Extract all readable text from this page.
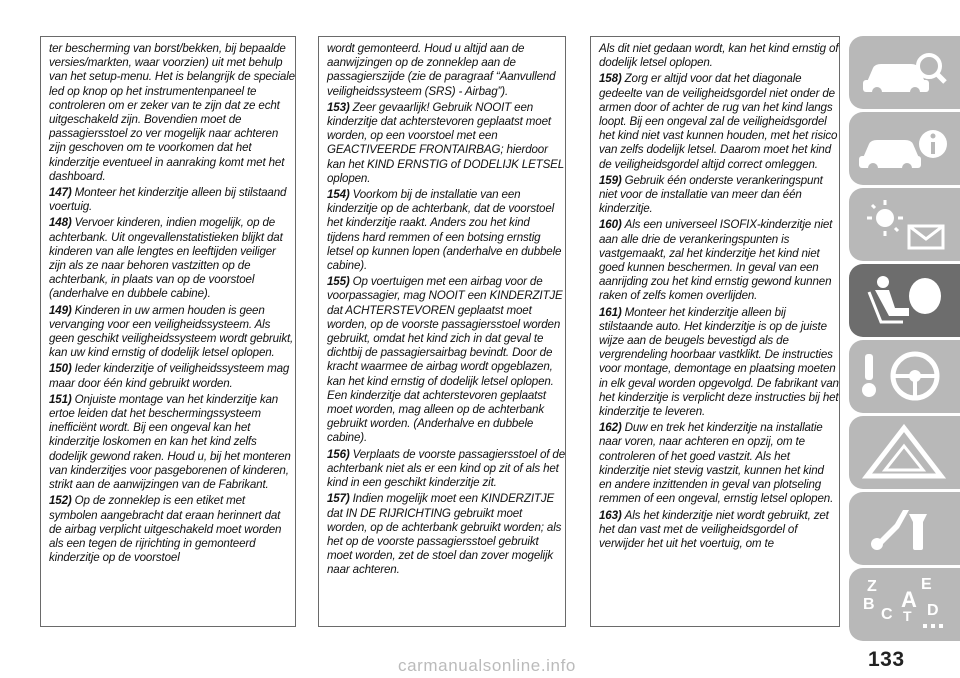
ter bescherming van borst/bekken, bij bepaalde versies/markten, waar voorzien) uit met behulp van het setup-menu. Het is belangrijk de speciale led op knop op het instrumentenpaneel te controleren om er zeker van te zijn dat ze echt uitgeschakeld zijn. Bovendien moet de passagiersstoel zo ver mogelijk naar achteren zijn geschoven om te voorkomen dat het kinderzitje eventueel in aanraking komt met het dashboard.
147) Monteer het kinderzitje alleen bij stilstaand voertuig.
148) Vervoer kinderen, indien mogelijk, op de achterbank. Uit ongevallenstatistieken blijkt dat kinderen van alle lengtes en leeftijden veiliger zijn als ze naar behoren vastzitten op de achterbank, in plaats van op de voorstoel (anderhalve en dubbele cabine).
149) Kinderen in uw armen houden is geen vervanging voor een veiligheidssysteem. Als geen geschikt veiligheidssysteem wordt gebruikt, kan uw kind ernstig of dodelijk letsel oplopen.
150) Ieder kinderzitje of veiligheidssysteem mag maar door één kind gebruikt worden.
151) Onjuiste montage van het kinderzitje kan ertoe leiden dat het beschermingssysteem inefficiënt wordt. Bij een ongeval kan het kinderzitje loskomen en kan het kind zelfs dodelijk gewond raken. Houd u, bij het monteren van kinderzitjes voor pasgeborenen of kinderen, strikt aan de aanwijzingen van de Fabrikant.
152) Op de zonneklep is een etiket met symbolen aangebracht dat eraan herinnert dat de airbag verplicht uitgeschakeld moet worden als een tegen de rijrichting in gemonteerd kinderzitje op de voorstoel
wordt gemonteerd. Houd u altijd aan de aanwijzingen op de zonneklep aan de passagierszijde (zie de paragraaf “Aanvullend veiligheidssysteem (SRS) - Airbag”).
153) Zeer gevaarlijk! Gebruik NOOIT een kinderzitje dat achterstevoren geplaatst moet worden, op een voorstoel met een GEACTIVEERDE FRONTAIRBAG; hierdoor kan het KIND ERNSTIG of DODELIJK LETSEL oplopen.
154) Voorkom bij de installatie van een kinderzitje op de achterbank, dat de voorstoel het kinderzitje raakt. Anders zou het kind tijdens hard remmen of een botsing ernstig letsel op kunnen lopen (anderhalve en dubbele cabine).
155) Op voertuigen met een airbag voor de voorpassagier, mag NOOIT een KINDERZITJE dat ACHTERSTEVOREN geplaatst moet worden, op de voorste passagiersstoel worden gebruikt, omdat het kind zich in dat geval te dichtbij de passagiersairbag bevindt. Door de kracht waarmee de airbag wordt opgeblazen, kan het kind ernstig of dodelijk letsel oplopen. Een kinderzitje dat achterstevoren geplaatst moet worden, mag alleen op de achterbank gebruikt worden. (Anderhalve en dubbele cabine).
156) Verplaats de voorste passagiersstoel of de achterbank niet als er een kind op zit of als het kind in een geschikt kinderzitje zit.
157) Indien mogelijk moet een KINDERZITJE dat IN DE RIJRICHTING gebruikt moet worden, op de achterbank gebruikt worden; als het op de voorste passagiersstoel gebruikt moet worden, zet de stoel dan zover mogelijk naar achteren.
Als dit niet gedaan wordt, kan het kind ernstig of dodelijk letsel oplopen.
158) Zorg er altijd voor dat het diagonale gedeelte van de veiligheidsgordel niet onder de armen door of achter de rug van het kind langs loopt. Bij een ongeval zal de veiligheidsgordel het kind niet vast kunnen houden, met het risico van zelfs dodelijk letsel. Daarom moet het kind de veiligheidsgordel altijd correct omleggen.
159) Gebruik één onderste verankeringspunt niet voor de installatie van meer dan één kinderzitje.
160) Als een universeel ISOFIX-kinderzitje niet aan alle drie de verankeringspunten is vastgemaakt, zal het kinderzitje het kind niet goed kunnen beschermen. In geval van een aanrijding zou het kind ernstig gewond kunnen raken of zelfs komen overlijden.
161) Monteer het kinderzitje alleen bij stilstaande auto. Het kinderzitje is op de juiste wijze aan de beugels bevestigd als de vergrendeling hoorbaar vastklikt. De instructies voor montage, demontage en plaatsing moeten in elk geval worden opgevolgd. De fabrikant van het kinderzitje is verplicht deze instructies bij het kinderzitje te leveren.
162) Duw en trek het kinderzitje na installatie naar voren, naar achteren en opzij, om te controleren of het goed vastzit. Als het kinderzitje niet stevig vastzit, kunnen het kind en andere inzittenden in geval van plotseling remmen of een ongeval, ernstig letsel oplopen.
163) Als het kinderzitje niet wordt gebruikt, zet het dan vast met de veiligheidsgordel of verwijder het uit het voertuig, om te
Z	E
B A
C T D
carmanualsonline.info	133
